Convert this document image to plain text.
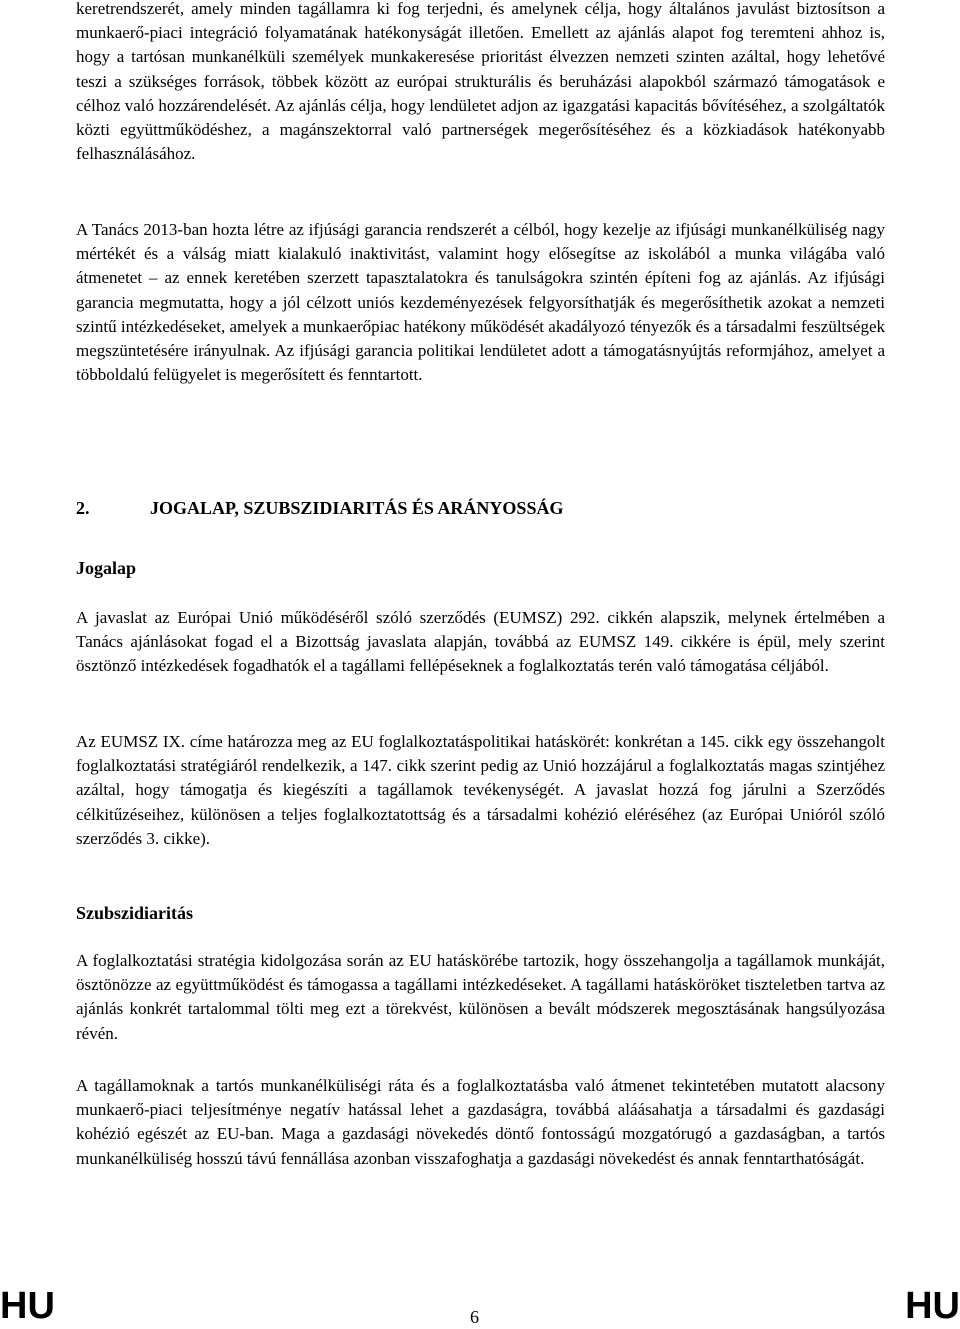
keretrendszerét, amely minden tagállamra ki fog terjedni, és amelynek célja, hogy általános javulást biztosítson a munkaerő-piaci integráció folyamatának hatékonyságát illetően. Emellett az ajánlás alapot fog teremteni ahhoz is, hogy a tartósan munkanélküli személyek munkakeresése prioritást élvezzen nemzeti szinten azáltal, hogy lehetővé teszi a szükséges források, többek között az európai strukturális és beruházási alapokból származó támogatások e célhoz való hozzárendelését. Az ajánlás célja, hogy lendületet adjon az igazgatási kapacitás bővítéséhez, a szolgáltatók közti együttműködéshez, a magánszektorral való partnerségek megerősítéséhez és a közkiadások hatékonyabb felhasználásához.

A Tanács 2013-ban hozta létre az ifjúsági garancia rendszerét a célból, hogy kezelje az ifjúsági munkanélküliség nagy mértékét és a válság miatt kialakuló inaktivitást, valamint hogy elősegítse az iskolából a munka világába való átmenetet – az ennek keretében szerzett tapasztalatokra és tanulságokra szintén építeni fog az ajánlás. Az ifjúsági garancia megmutatta, hogy a jól célzott uniós kezdeményezések felgyorsíthatják és megerősíthetik azokat a nemzeti szintű intézkedéseket, amelyek a munkaerőpiac hatékony működését akadályozó tényezők és a társadalmi feszültségek megszüntetésére irányulnak. Az ifjúsági garancia politikai lendületet adott a támogatásnyújtás reformjához, amelyet a többoldalú felügyelet is megerősített és fenntartott.

2.	JOGALAP, SZUBSZIDIARITÁS ÉS ARÁNYOSSÁG
Jogalap

A javaslat az Európai Unió működéséről szóló szerződés (EUMSZ) 292. cikkén alapszik, melynek értelmében a Tanács ajánlásokat fogad el a Bizottság javaslata alapján, továbbá az EUMSZ 149. cikkére is épül, mely szerint ösztönző intézkedések fogadhatók el a tagállami fellépéseknek a foglalkoztatás terén való támogatása céljából.

Az EUMSZ IX. címe határozza meg az EU foglalkoztatáspolitikai hatáskörét: konkrétan a 145. cikk egy összehangolt foglalkoztatási stratégiáról rendelkezik, a 147. cikk szerint pedig az Unió hozzájárul a foglalkoztatás magas szintjéhez azáltal, hogy támogatja és kiegészíti a tagállamok tevékenységét. A javaslat hozzá fog járulni a Szerződés célkitűzéseihez, különösen a teljes foglalkoztatottság és a társadalmi kohézió eléréséhez (az Európai Unióról szóló szerződés 3. cikke).

Szubszidiaritás

A foglalkoztatási stratégia kidolgozása során az EU hatáskörébe tartozik, hogy összehangolja a tagállamok munkáját, ösztönözze az együttműködést és támogassa a tagállami intézkedéseket. A tagállami hatásköröket tiszteletben tartva az ajánlás konkrét tartalommal tölti meg ezt a törekvést, különösen a bevált módszerek megosztásának hangsúlyozása révén.

A tagállamoknak a tartós munkanélküliségi ráta és a foglalkoztatásba való átmenet tekintetében mutatott alacsony munkaerő-piaci teljesítménye negatív hatással lehet a gazdaságra, továbbá aláásahatja a társadalmi és gazdasági kohézió egészét az EU-ban. Maga a gazdasági növekedés döntő fontosságú mozgatórugó a gazdaságban, a tartós munkanélküliség hosszú távú fennállása azonban visszafoghatja a gazdasági növekedést és annak fenntarthatóságát.

HU	6	HU
